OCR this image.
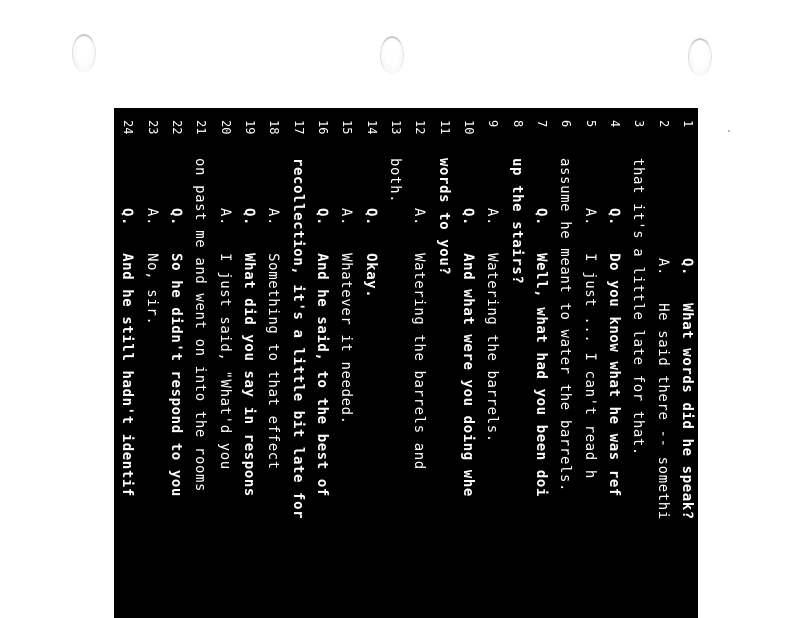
1
Q.   What words did he speak?
2
A.   He said there -- somethi
3
that it's a little late for that.
4
Q.   Do you know what he was ref
5
A.   I just ... I can't read h
6
assume he meant to water the barrels.
7
Q.   Well, what had you been doi
8
up the stairs?
9
A.   Watering the barrels.
10
Q.   And what were you doing whe
11
words to you?
12
A.   Watering the barrels and
13
both.
14
Q.   Okay.
15
A.   Whatever it needed.
16
Q.   And he said, to the best of
17
recollection, it's a little bit late for
18
A.   Something to that effect
19
Q.   What did you say in respons
20
A.   I just said, "What'd you
21
on past me and went on into the rooms
22
Q.   So he didn't respond to you
23
A.   No, sir.
24
Q.   And he still hadn't identif
